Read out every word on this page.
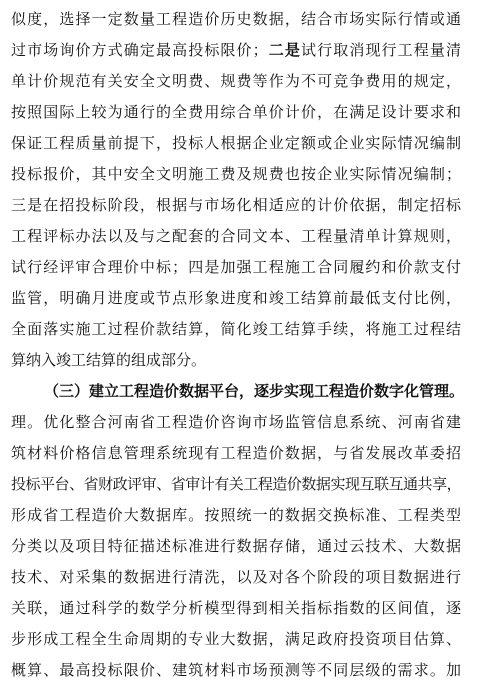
似度，选择一定数量工程造价历史数据，结合市场实际行情或通
过市场询价方式确定最高投标限价；二是试行取消现行工程量清
单计价规范有关安全文明费、规费等作为不可竞争费用的规定，
按照国际上较为通行的全费用综合单价计价，在满足设计要求和
保证工程质量前提下，投标人根据企业定额或企业实际情况编制
投标报价，其中安全文明施工费及规费也按企业实际情况编制；
三是在招投标阶段，根据与市场化相适应的计价依据，制定招标
工程评标办法以及与之配套的合同文本、工程量清单计算规则，
试行经评审合理价中标；四是加强工程施工合同履约和价款支付
监管，明确月进度或节点形象进度和竣工结算前最低支付比例，
全面落实施工过程价款结算，简化竣工结算手续，将施工过程结
算纳入竣工结算的组成部分。
（三）建立工程造价数据平台，逐步实现工程造价数字化管理。
理。优化整合河南省工程造价咨询市场监管信息系统、河南省建
筑材料价格信息管理系统现有工程造价数据，与省发展改革委招
投标平台、省财政评审、省审计有关工程造价数据实现互联互通共享，
形成省工程造价大数据库。按照统一的数据交换标准、工程类型
分类以及项目特征描述标准进行数据存储，通过云技术、大数据
技术、对采集的数据进行清洗，以及对各个阶段的项目数据进行
关联，通过科学的数学分析模型得到相关指标指数的区间值，逐
步形成工程全生命周期的专业大数据，满足政府投资项目估算、
概算、最高投标限价、建筑材料市场预测等不同层级的需求。加
